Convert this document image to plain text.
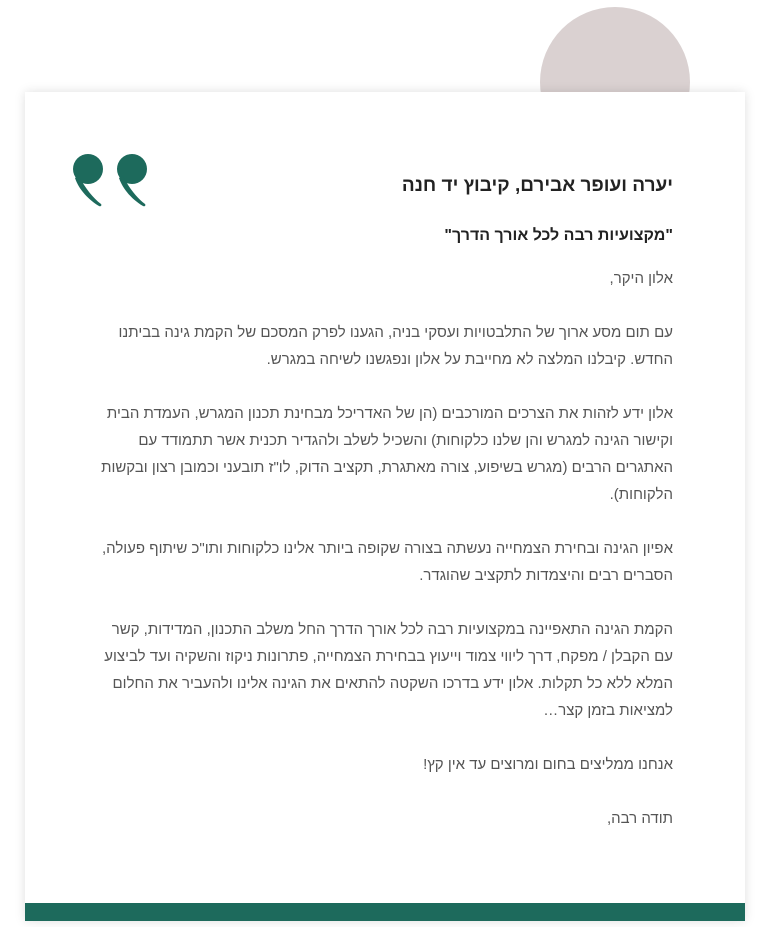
יערה ועופר אבירם, קיבוץ יד חנה
"מקצועיות רבה לכל אורך הדרך"

אלון היקר,

עם תום מסע ארוך של התלבטויות ועסקי בניה, הגענו לפרק המסכם של הקמת גינה בביתנו החדש. קיבלנו המלצה לא מחייבת על אלון ונפגשנו לשיחה במגרש.

אלון ידע לזהות את הצרכים המורכבים (הן של האדריכל מבחינת תכנון המגרש, העמדת הבית וקישור הגינה למגרש והן שלנו כלקוחות) והשכיל לשלב ולהגדיר תכנית אשר תתמודד עם האתגרים הרבים (מגרש בשיפוע, צורה מאתגרת, תקציב הדוק, לו"ז תובעני וכמובן רצון ובקשות הלקוחות).

אפיון הגינה ובחירת הצמחייה נעשתה בצורה שקופה ביותר אלינו כלקוחות ותו"כ שיתוף פעולה, הסברים רבים והיצמדות לתקציב שהוגדר.

הקמת הגינה התאפיינה במקצועיות רבה לכל אורך הדרך החל משלב התכנון, המדידות, קשר עם הקבלן / מפקח, דרך ליווי צמוד וייעוץ בבחירת הצמחייה, פתרונות ניקוז והשקיה ועד לביצוע המלא ללא כל תקלות. אלון ידע בדרכו השקטה להתאים את הגינה אלינו ולהעביר את החלום למציאות בזמן קצר…

אנחנו ממליצים בחום ומרוצים עד אין קץ!

תודה רבה,
